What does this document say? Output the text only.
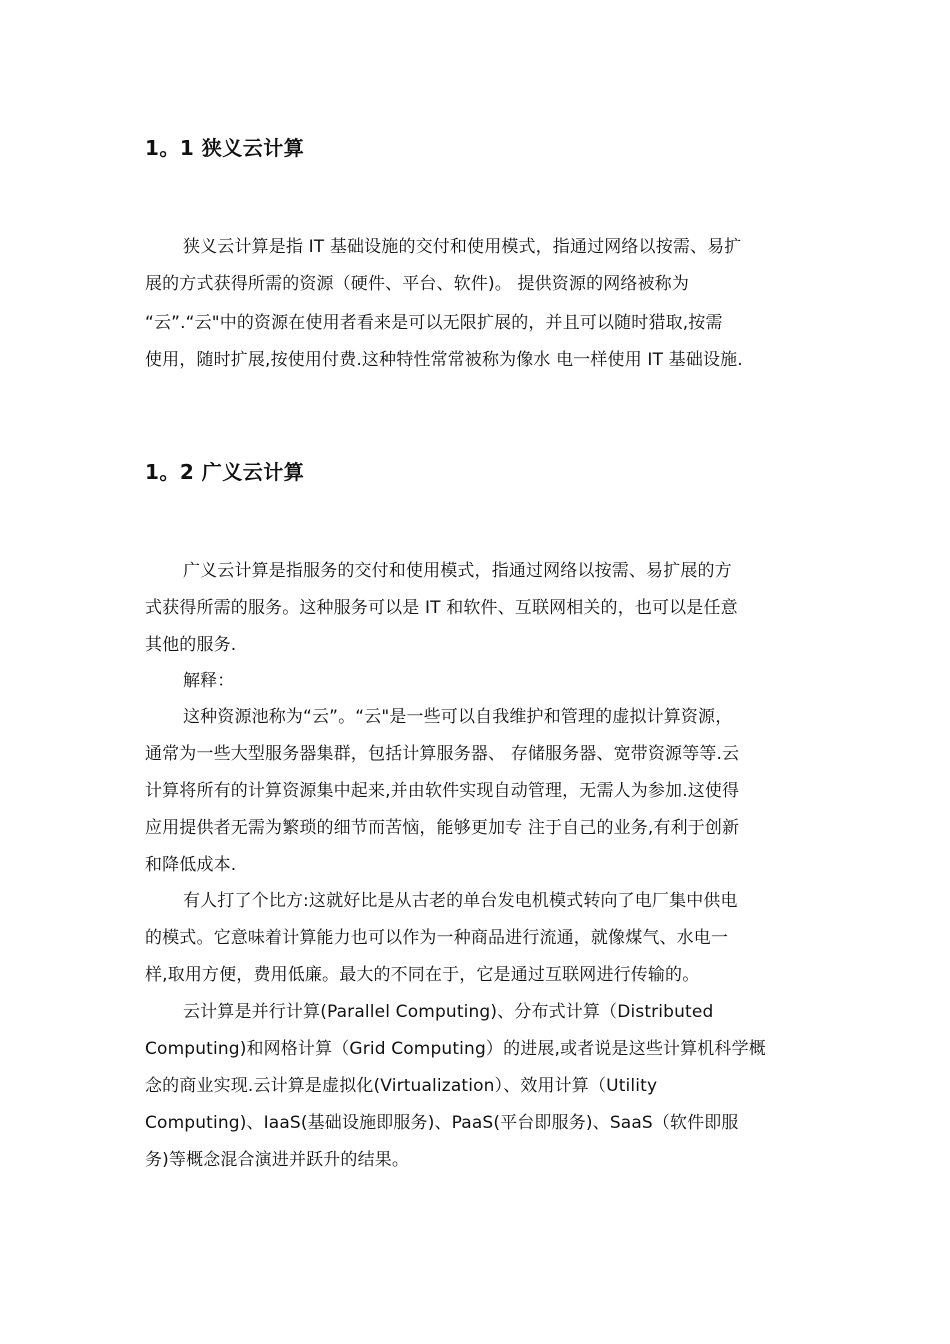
1。1 狭义云计算
狭义云计算是指 IT 基础设施的交付和使用模式，指通过网络以按需、易扩
展的方式获得所需的资源（硬件、平台、软件)。 提供资源的网络被称为
“云”.“云"中的资源在使用者看来是可以无限扩展的，并且可以随时猎取,按需
使用，随时扩展,按使用付费.这种特性常常被称为像水 电一样使用 IT 基础设施.
1。2 广义云计算
广义云计算是指服务的交付和使用模式，指通过网络以按需、易扩展的方
式获得所需的服务。这种服务可以是 IT 和软件、互联网相关的，也可以是任意
其他的服务.
解释：
这种资源池称为“云”。“云"是一些可以自我维护和管理的虚拟计算资源，
通常为一些大型服务器集群，包括计算服务器、 存储服务器、宽带资源等等.云
计算将所有的计算资源集中起来,并由软件实现自动管理，无需人为参加.这使得
应用提供者无需为繁琐的细节而苦恼，能够更加专 注于自己的业务,有利于创新
和降低成本.
有人打了个比方:这就好比是从古老的单台发电机模式转向了电厂集中供电
的模式。它意味着计算能力也可以作为一种商品进行流通，就像煤气、水电一
样,取用方便，费用低廉。最大的不同在于，它是通过互联网进行传输的。
云计算是并行计算(Parallel Computing)、分布式计算（Distributed
Computing)和网格计算（Grid Computing）的进展,或者说是这些计算机科学概
念的商业实现.云计算是虚拟化(Virtualization）、效用计算（Utility
Computing)、IaaS(基础设施即服务)、PaaS(平台即服务)、SaaS（软件即服
务)等概念混合演进并跃升的结果。
